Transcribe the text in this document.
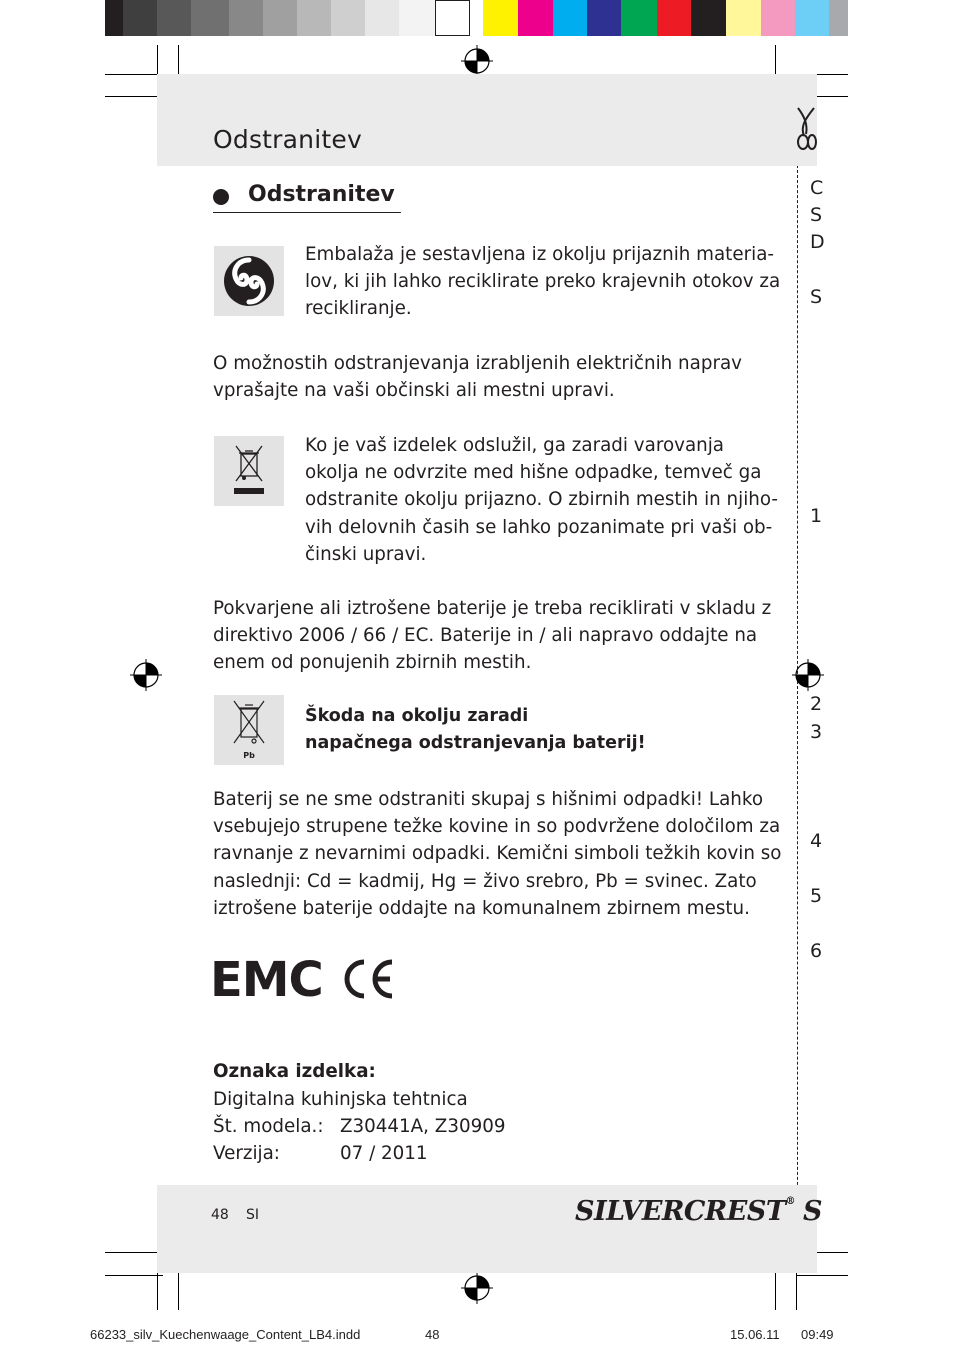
Odstranitev
Odstranitev
Embalaža je sestavljena iz okolju prijaznih materia-
lov, ki jih lahko reciklirate preko krajevnih otokov za
recikliranje.
O možnostih odstranjevanja izrabljenih električnih naprav
vprašajte na vaši občinski ali mestni upravi.
Ko je vaš izdelek odslužil, ga zaradi varovanja
okolja ne odvrzite med hišne odpadke, temveč ga
odstranite okolju prijazno. O zbirnih mestih in njiho-
vih delovnih časih se lahko pozanimate pri vaši ob-
činski upravi.
Pokvarjene ali iztrošene baterije je treba reciklirati v skladu z
direktivo 2006 / 66 / EC. Baterije in / ali napravo oddajte na
enem od ponujenih zbirnih mestih.
Pb
Škoda na okolju zaradi
napačnega odstranjevanja baterij!
Baterij se ne sme odstraniti skupaj s hišnimi odpadki! Lahko
vsebujejo strupene težke kovine in so podvržene določilom za
ravnanje z nevarnimi odpadki. Kemični simboli težkih kovin so
naslednji: Cd = kadmij, Hg = živo srebro, Pb = svinec. Zato
iztrošene baterije oddajte na komunalnem zbirnem mestu.
EMC
Oznaka izdelka:
Digitalna kuhinjska tehtnica
Št. modela.: Z30441A, Z30909
Verzija:	07 / 2011
48 SI	SILVERCREST® S
C
S
D
S
1
2
3
4
5
6
66233_silv_Kuechenwaage_Content_LB4.indd	48	15.06.11 09:49
